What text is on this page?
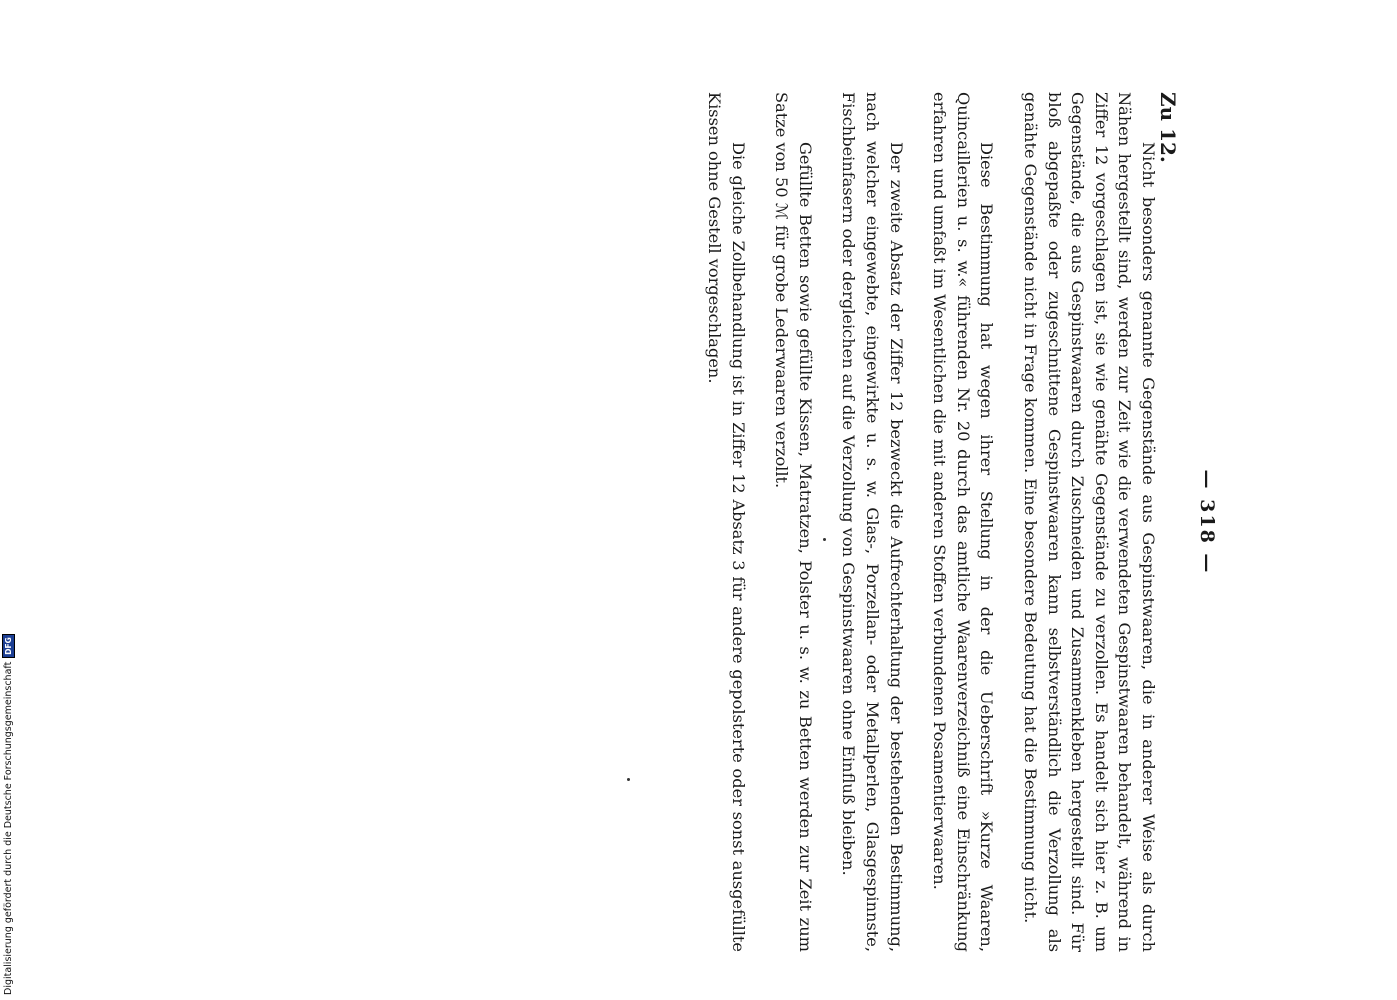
— 318 —
Zu 12.

Nicht besonders genannte Gegenstände aus Gespinstwaaren, die in anderer Weise als durch Nähen hergestellt sind, werden zur Zeit wie die verwendeten Gespinstwaaren behandelt, während in Ziffer 12 vorgeschlagen ist, sie wie genähte Gegenstände zu verzollen. Es handelt sich hier z. B. um Gegenstände, die aus Gespinstwaaren durch Zuschneiden und Zusammenkleben hergestellt sind. Für bloß abgepaßte oder zugeschnittene Gespinstwaaren kann selbstverständlich die Verzollung als genähte Gegenstände nicht in Frage kommen. Eine besondere Bedeutung hat die Bestimmung nicht.

Diese Bestimmung hat wegen ihrer Stellung in der die Ueberschrift »Kurze Waaren, Quincaillerien u. s. w.« führenden Nr. 20 durch das amtliche Waarenverzeichniß eine Einschränkung erfahren und umfaßt im Wesentlichen die mit anderen Stoffen verbundenen Posamentierwaaren.

Der zweite Absatz der Ziffer 12 bezweckt die Aufrechterhaltung der bestehenden Bestimmung, nach welcher eingewebte, eingewirkte u. s. w. Glas-, Porzellan- oder Metallperlen, Glasgespinnste, Fischbeinfasern oder dergleichen auf die Verzollung von Gespinstwaaren ohne Einfluß bleiben.

Gefüllte Betten sowie gefüllte Kissen, Matratzen, Polster u. s. w. zu Betten werden zur Zeit zum Satze von 50 ℳ für grobe Lederwaaren verzollt.

Die gleiche Zollbehandlung ist in Ziffer 12 Absatz 3 für andere gepolsterte oder sonst ausgefüllte Kissen ohne Gestell vorgeschlagen.

Digitalisierung gefördert durch die Deutsche Forschungsgemeinschaft
DFG
